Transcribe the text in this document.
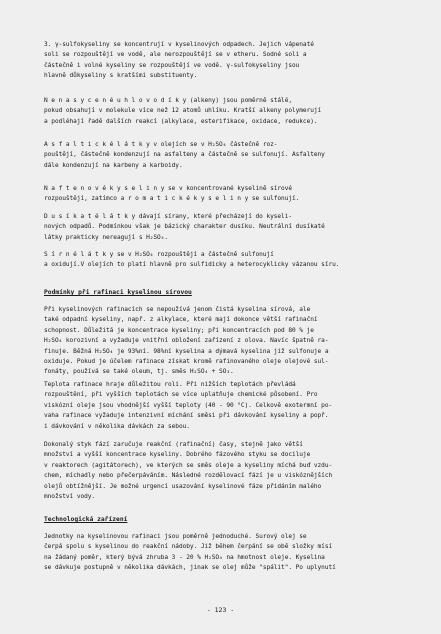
3. γ-sulfokyseliny se koncentrují v kyselinových odpadech. Jejich vápenaté
soli se rozpouštějí ve vodě, ale nerozpouštějí se v etheru. Sodné soli a
částečně i volné kyseliny se rozpouštějí ve vodě. γ-sulfokyseliny jsou
hlavně důkyseliny s kratšími substituenty.
N e n a s y c e n é u h l o v o d í k y (alkeny) jsou poměrně stálé,
pokud obsahují v molekule více než 12 atomů uhlíku. Kratší alkeny polymerují
a podléhají řadě dalších reakcí (alkylace, esterifikace, oxidace, redukce).
A s f a l t i c k é l á t k y v olejích se v H₂SO₄ částečně roz-
pouštějí, částečně kondenzují na asfalteny a částečně se sulfonují. Asfalteny
dále kondenzují na karbeny a karboidy.
N a f t e n o v é k y s e l i n y se v koncentrované kyselině sírové
rozpouštějí, zatímco a r o m a t i c k é k y s e l i n y se sulfonují.
D u s í k a t é l á t k y dávají sírany, které přecházejí do kyseli-
nových odpadů. Podmínkou však je bázický charakter dusíku. Neutrální dusíkaté
látky prakticky nereagují s H₂SO₄.
S í r n é l á t k y se v H₂SO₄ rozpouštějí a částečně sulfonují
a oxidují.V olejích to platí hlavně pro sulfidicky a heterocyklicky vázanou síru.
Podmínky při rafinaci kyselinou sírovou
Při kyselinových rafinacích se nepoužívá jenom čistá kyselina sírová, ale
také odpadní kyseliny, např. z alkylace, které mají dokonce větší rafinační
schopnost. Důležitá je koncentrace kyseliny; při koncentracích pod 80 % je
H₂SO₄ korozivní a vyžaduje vnitřní obložení zařízení z olova. Navíc špatně ra-
finuje. Běžná H₂SO₄ je 93%ní. 98%ní kyselina a dýmavá kyselina již sulfonuje a
oxiduje. Pokud je účelem rafinace získat kromě rafinovaného oleje olejové sul-
fonáty, používá se také oleum, tj. směs H₂SO₄ + SO₃.
Teplota rafinace hraje důležitou roli. Při nižších teplotách převládá
rozpouštění, při vyšších teplotách se více uplatňuje chemické působení. Pro
viskózní oleje jsou vhodnější vyšší teploty (40 - 90 °C). Celkově exotermní po-
vaha rafinace vyžaduje intenzivní míchání směsi při dávkování kyseliny a popř.
i dávkování v několika dávkách za sebou.
Dokonalý styk fází zaručuje reakční (rafinační) časy, stejně jako větší
množství a vyšší koncentrace kyseliny. Dobrého fázového styku se dociluje
v reaktorech (agitátorech), ve kterých se směs oleje a kyseliny míchá buď vzdu-
chem, míchadly nebo přečerpáváním. Následné rozdělovací fází je u viskóznějších
olejů obtížnější. Je možné urgencí usazování kyselinové fáze přidáním malého
množství vody.
Technologická zařízení
Jednotky na kyselinovou rafinaci jsou poměrně jednoduché. Surový olej se
čerpá spolu s kyselinou do reakční nádoby. Již během čerpání se obě složky mísí
na žádaný poměr, který bývá zhruba 3 - 20 % H₂SO₄ na hmotnost oleje. Kyselina
se dávkuje postupně v několika dávkách, jinak se olej může "spálit". Po uplynutí
- 123 -
